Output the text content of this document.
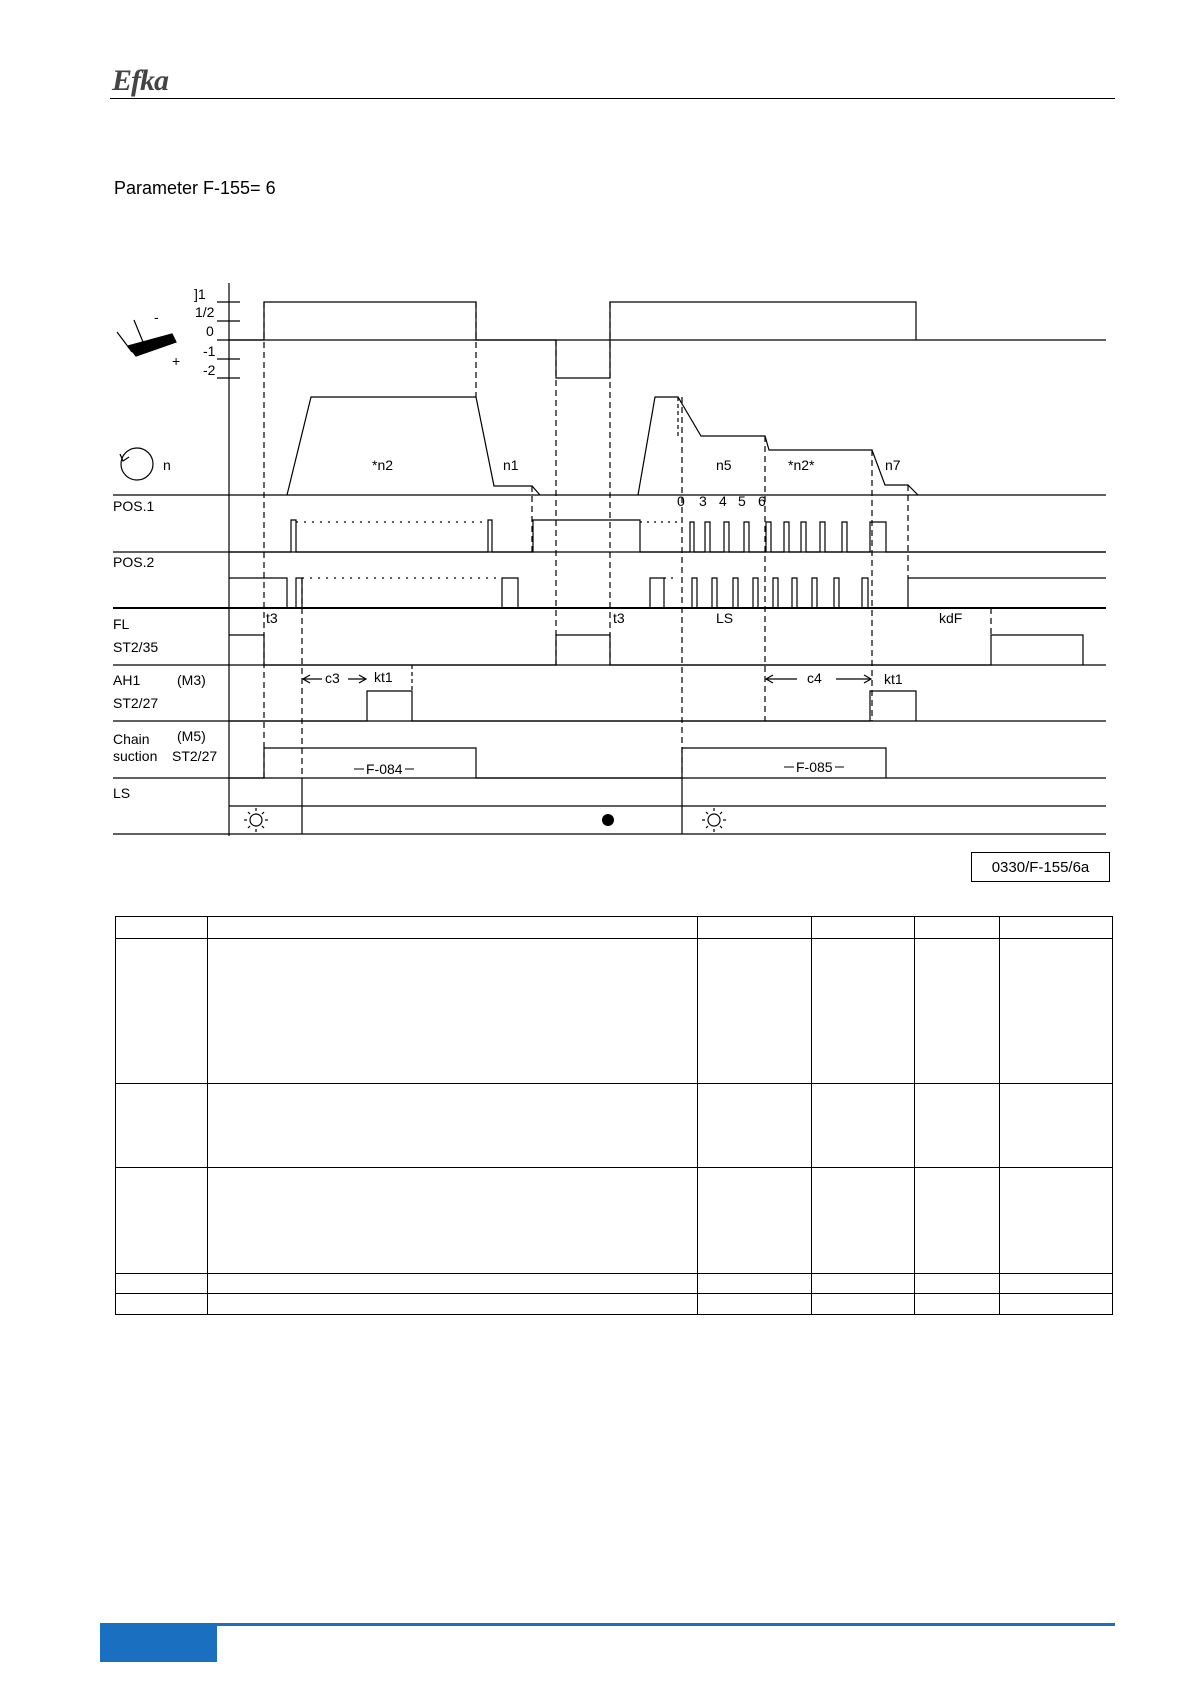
Efka
Parameter F-155= 6
]1
1/2
0
-1
-2
-
+
n	*n2	n1	n5	*n2*	n7
POS.1
POS.2
FL
ST2/35
AH1	(M3)
ST2/27
Chain (M5)
suction ST2/27
LS
0 3 4 5 6
t3	t3	LS	kdF
c3 kt1	c4	kt1
F-084	F-085
0330/F-155/6a
